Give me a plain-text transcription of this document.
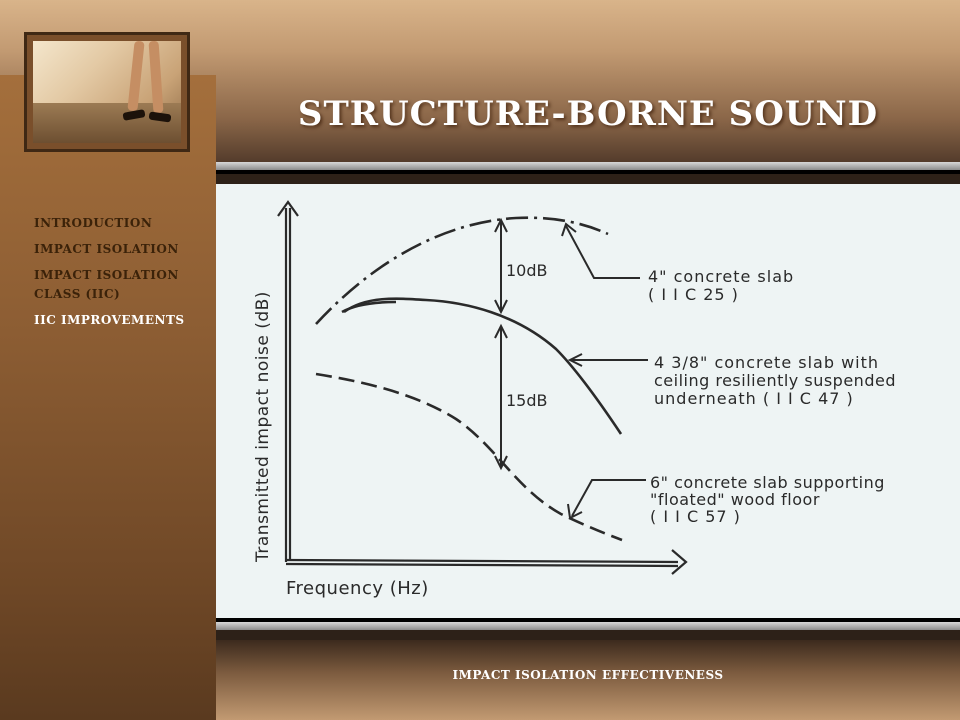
STRUCTURE-BORNE SOUND
10dB
15dB
4" concrete slab
( I I C 25 )
4 3/8" concrete slab with
ceiling resiliently suspended
underneath ( I I C 47 )
6" concrete slab supporting
"floated" wood floor
( I I C 57 )
Frequency (Hz)
Transmitted impact noise (dB)
INTRODUCTION
IMPACT ISOLATION
IMPACT ISOLATION CLASS (IIC)
IIC IMPROVEMENTS
IMPACT ISOLATION EFFECTIVENESS
